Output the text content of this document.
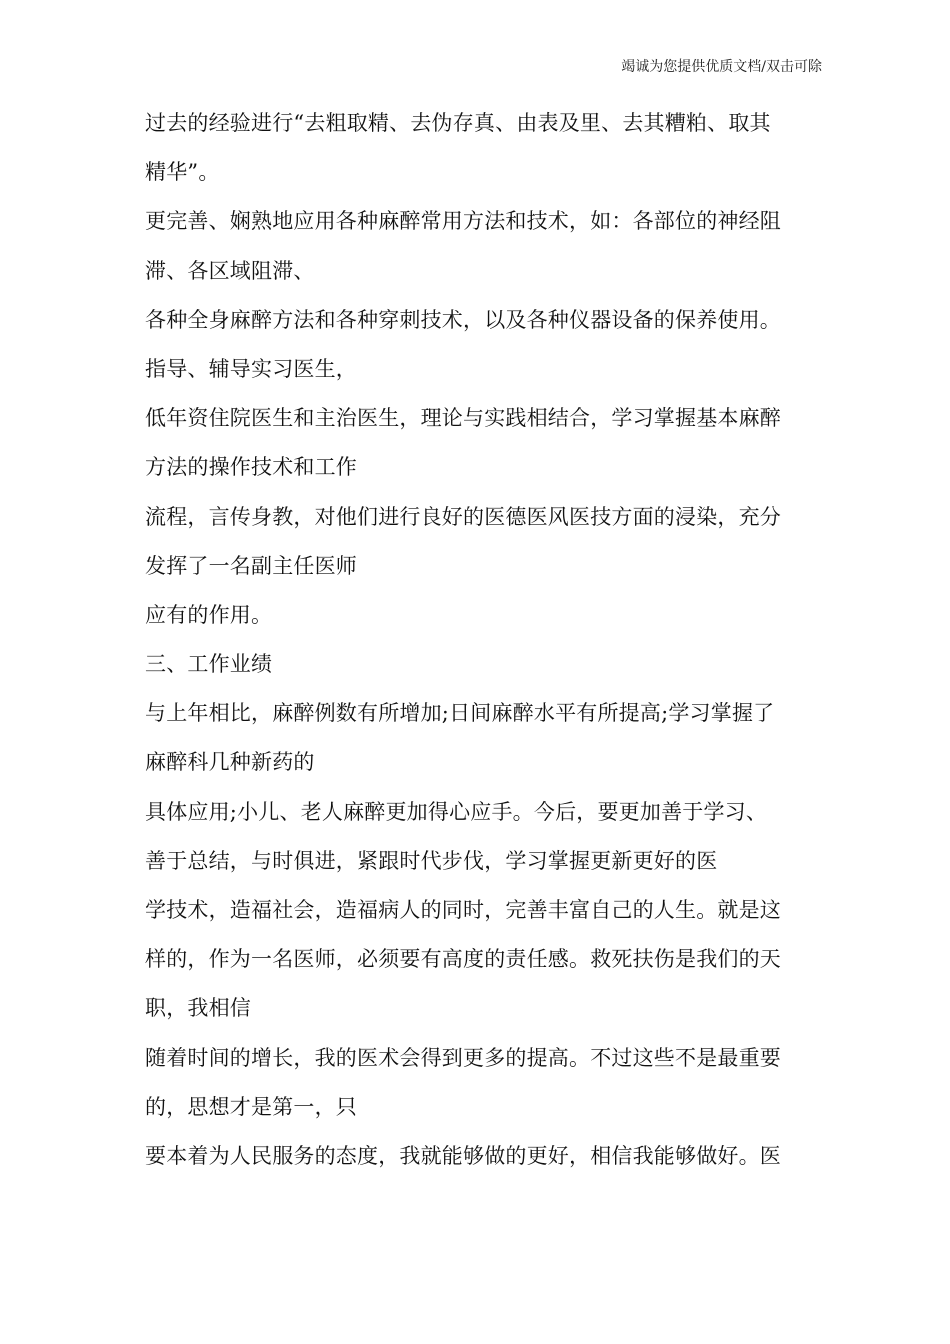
竭诚为您提供优质文档/双击可除
过去的经验进行“去粗取精、去伪存真、由表及里、去其糟粕、取其
精华”。
更完善、娴熟地应用各种麻醉常用方法和技术，如：各部位的神经阻
滞、各区域阻滞、
各种全身麻醉方法和各种穿刺技术，以及各种仪器设备的保养使用。
指导、辅导实习医生，
低年资住院医生和主治医生，理论与实践相结合，学习掌握基本麻醉
方法的操作技术和工作
流程，言传身教，对他们进行良好的医德医风医技方面的浸染，充分
发挥了一名副主任医师
应有的作用。
三、工作业绩
与上年相比，麻醉例数有所增加;日间麻醉水平有所提高;学习掌握了
麻醉科几种新药的
具体应用;小儿、老人麻醉更加得心应手。今后，要更加善于学习、
善于总结，与时俱进，紧跟时代步伐，学习掌握更新更好的医
学技术，造福社会，造福病人的同时，完善丰富自己的人生。就是这
样的，作为一名医师，必须要有高度的责任感。救死扶伤是我们的天
职，我相信
随着时间的增长，我的医术会得到更多的提高。不过这些不是最重要
的，思想才是第一，只
要本着为人民服务的态度，我就能够做的更好，相信我能够做好。医
